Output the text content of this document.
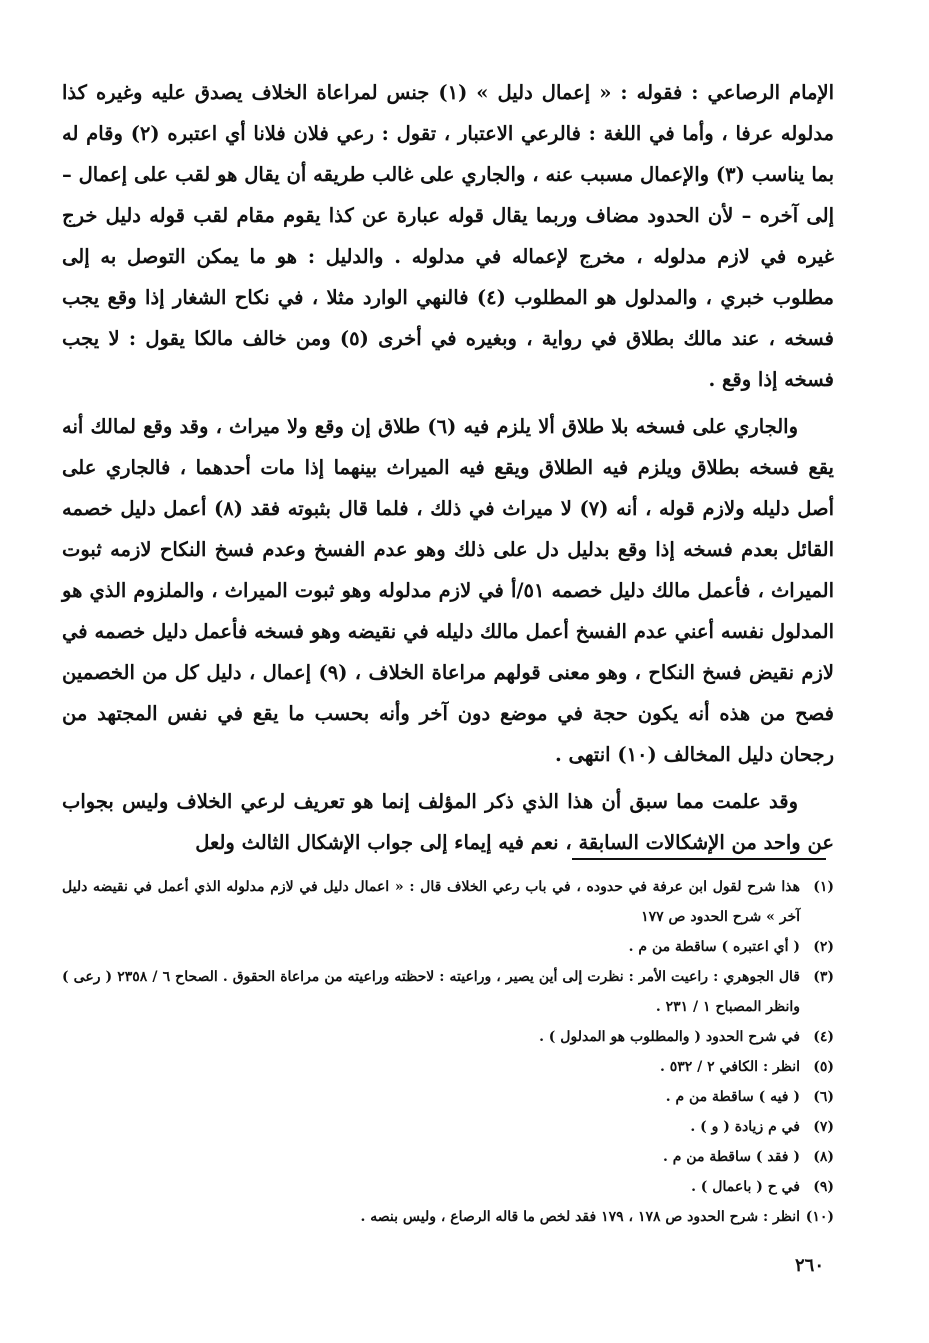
الإمام الرصاعي : فقوله : « إعمال دليل » (١) جنس لمراعاة الخلاف يصدق عليه وغيره كذا مدلوله عرفا ، وأما في اللغة : فالرعي الاعتبار ، تقول : رعي فلان فلانا أي اعتبره (٢) وقام له بما يناسب (٣) والإعمال مسبب عنه ، والجاري على غالب طريقه أن يقال هو لقب على إعمال – إلى آخره – لأن الحدود مضاف وربما يقال قوله عبارة عن كذا يقوم مقام لقب قوله دليل خرج غيره في لازم مدلوله ، مخرج لإعماله في مدلوله . والدليل : هو ما يمكن التوصل به إلى مطلوب خبري ، والمدلول هو المطلوب (٤) فالنهي الوارد مثلا ، في نكاح الشغار إذا وقع يجب فسخه ، عند مالك بطلاق في رواية ، وبغيره في أخرى (٥) ومن خالف مالكا يقول : لا يجب فسخه إذا وقع .

والجاري على فسخه بلا طلاق ألا يلزم فيه (٦) طلاق إن وقع ولا ميراث ، وقد وقع لمالك أنه يقع فسخه بطلاق ويلزم فيه الطلاق ويقع فيه الميراث بينهما إذا مات أحدهما ، فالجاري على أصل دليله ولازم قوله ، أنه (٧) لا ميراث في ذلك ، فلما قال بثبوته فقد (٨) أعمل دليل خصمه القائل بعدم فسخه إذا وقع بدليل دل على ذلك وهو عدم الفسخ وعدم فسخ النكاح لازمه ثبوت الميراث ، فأعمل مالك دليل خصمه ٥١/أ في لازم مدلوله وهو ثبوت الميراث ، والملزوم الذي هو المدلول نفسه أعني عدم الفسخ أعمل مالك دليله في نقيضه وهو فسخه فأعمل دليل خصمه في لازم نقيض فسخ النكاح ، وهو معنى قولهم مراعاة الخلاف ، (٩) إعمال ، دليل كل من الخصمين فصح من هذه أنه يكون حجة في موضع دون آخر وأنه بحسب ما يقع في نفس المجتهد من رجحان دليل المخالف (١٠) انتهى .

وقد علمت مما سبق أن هذا الذي ذكر المؤلف إنما هو تعريف لرعي الخلاف وليس بجواب عن واحد من الإشكالات السابقة ، نعم فيه إيماء إلى جواب الإشكال الثالث ولعل

(١)
هذا شرح لقول ابن عرفة في حدوده ، في باب رعي الخلاف قال : « اعمال دليل في لازم مدلوله الذي أعمل في نقيضه دليل آخر » شرح الحدود ص ١٧٧
(٢)
( أي اعتبره ) ساقطة من م .
(٣)
قال الجوهري : راعيت الأمر : نظرت إلى أين يصير ، وراعيته : لاحظته وراعيته من مراعاة الحقوق . الصحاح ٦ / ٢٣٥٨ ( رعى ) وانظر المصباح ١ / ٢٣١ .
(٤)
في شرح الحدود ( والمطلوب هو المدلول ) .
(٥)
انظر : الكافي ٢ / ٥٣٢ .
(٦)
( فيه ) ساقطة من م .
(٧)
في م زيادة ( و ) .
(٨)
( فقد ) ساقطة من م .
(٩)
في ح ( باعمال ) .
(١٠)
انظر : شرح الحدود ص ١٧٨ ، ١٧٩ فقد لخص ما قاله الرصاع ، وليس بنصه .
٢٦٠
